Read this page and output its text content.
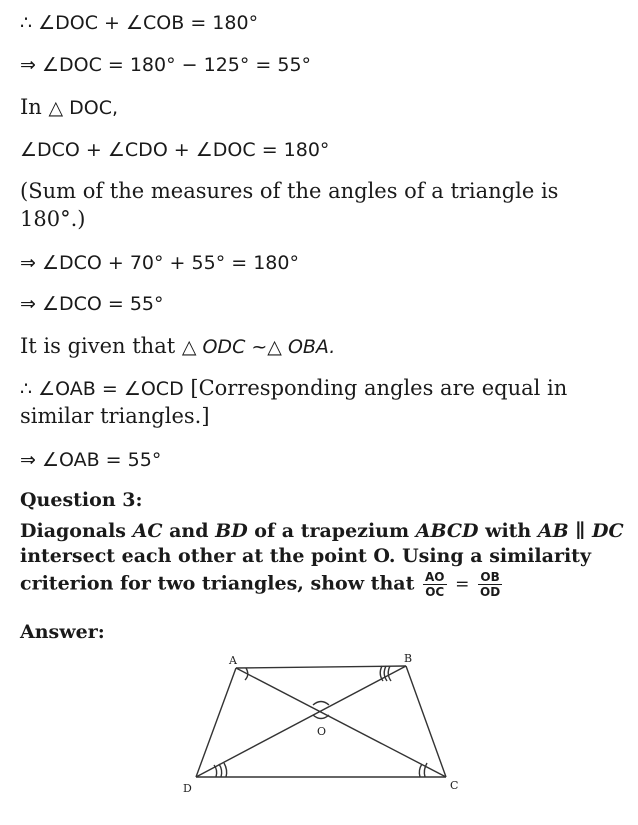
∴ ∠DOC + ∠COB = 180°
⇒ ∠DOC = 180° − 125° = 55°
In △ DOC,
∠DCO + ∠CDO + ∠DOC = 180°
(Sum of the measures of the angles of a triangle is
180°.)
⇒ ∠DCO + 70° + 55° = 180°
⇒ ∠DCO = 55°
It is given that △ ODC ~△ OBA.
∴ ∠OAB = ∠OCD [Corresponding angles are equal in
similar triangles.]
⇒ ∠OAB = 55°
Question 3:
Diagonals AC and BD of a trapezium ABCD with AB ∥ DC
intersect each other at the point O. Using a similarity
criterion for two triangles, show that $\frac{AO}{OC} = \frac{OB}{OD}$
Answer:
A	B
C
D
O
